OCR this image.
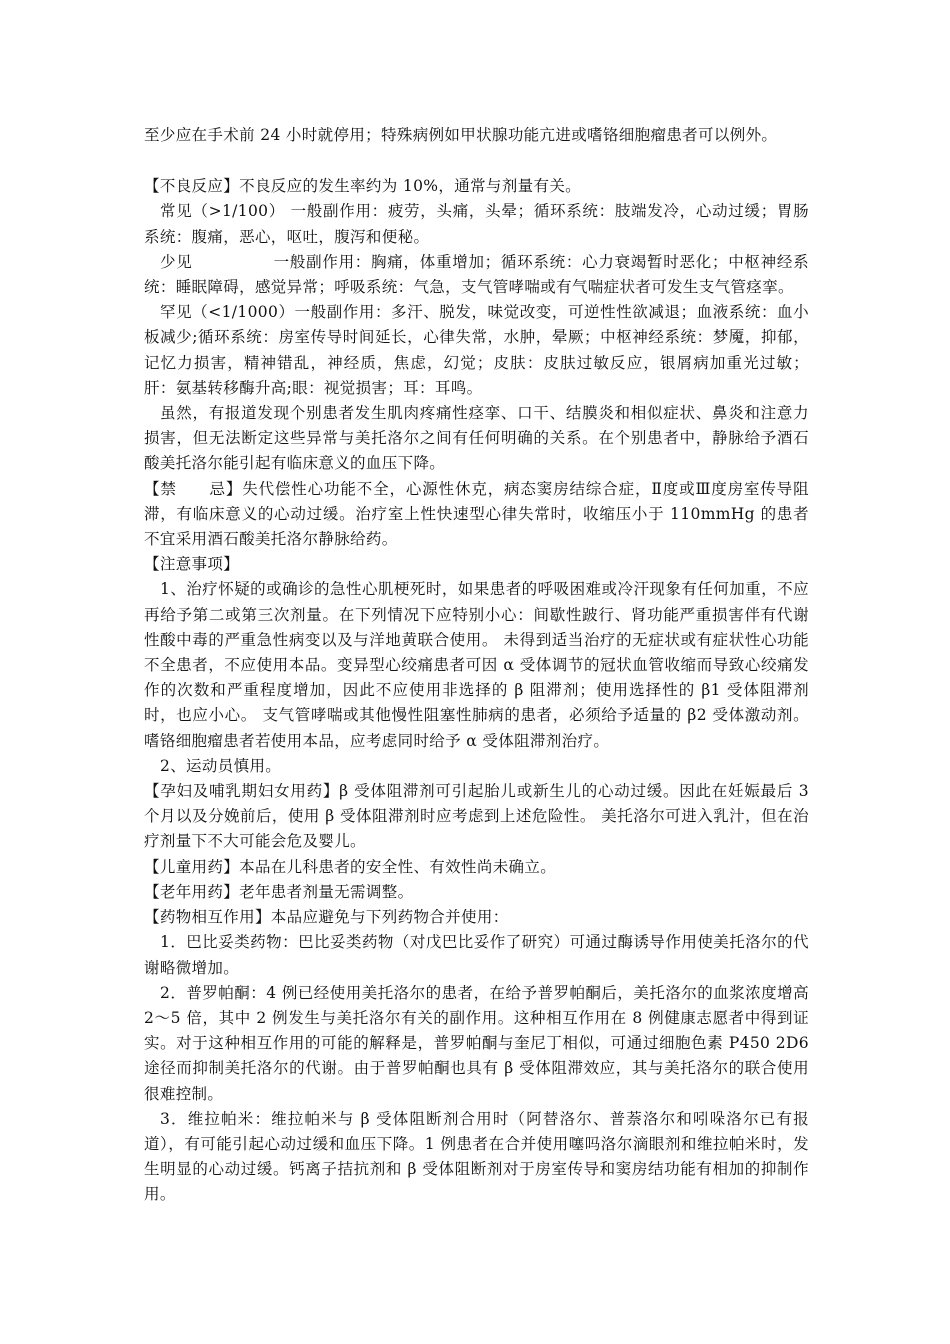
至少应在手术前 24 小时就停用；特殊病例如甲状腺功能亢进或嗜铬细胞瘤患者可以例外。

【不良反应】不良反应的发生率约为 10%，通常与剂量有关。

常见（>1/100） 一般副作用：疲劳，头痛，头晕；循环系统：肢端发冷，心动过缓；胃肠系统：腹痛，恶心，呕吐，腹泻和便秘。

少见　　　　　一般副作用：胸痛，体重增加；循环系统：心力衰竭暂时恶化；中枢神经系统：睡眠障碍，感觉异常；呼吸系统：气急，支气管哮喘或有气喘症状者可发生支气管痉挛。

罕见（<1/1000）一般副作用：多汗、脱发，味觉改变，可逆性性欲减退；血液系统：血小板减少;循环系统：房室传导时间延长，心律失常，水肿，晕厥；中枢神经系统：梦魇，抑郁，记忆力损害，精神错乱，神经质，焦虑，幻觉；皮肤：皮肤过敏反应，银屑病加重光过敏；肝：氨基转移酶升高;眼：视觉损害；耳：耳鸣。

虽然，有报道发现个别患者发生肌肉疼痛性痉挛、口干、结膜炎和相似症状、鼻炎和注意力损害，但无法断定这些异常与美托洛尔之间有任何明确的关系。在个别患者中，静脉给予酒石酸美托洛尔能引起有临床意义的血压下降。

【禁　　忌】失代偿性心功能不全，心源性休克，病态窦房结综合症，Ⅱ度或Ⅲ度房室传导阻滞，有临床意义的心动过缓。治疗室上性快速型心律失常时，收缩压小于 110mmHg 的患者不宜采用酒石酸美托洛尔静脉给药。

【注意事项】

1、治疗怀疑的或确诊的急性心肌梗死时，如果患者的呼吸困难或冷汗现象有任何加重，不应再给予第二或第三次剂量。在下列情况下应特别小心：间歇性跛行、肾功能严重损害伴有代谢性酸中毒的严重急性病变以及与洋地黄联合使用。 未得到适当治疗的无症状或有症状性心功能不全患者，不应使用本品。变异型心绞痛患者可因 α 受体调节的冠状血管收缩而导致心绞痛发作的次数和严重程度增加，因此不应使用非选择的 β 阻滞剂；使用选择性的 β1 受体阻滞剂时，也应小心。 支气管哮喘或其他慢性阻塞性肺病的患者，必须给予适量的 β2 受体激动剂。 嗜铬细胞瘤患者若使用本品，应考虑同时给予 α 受体阻滞剂治疗。

2、运动员慎用。

【孕妇及哺乳期妇女用药】β 受体阻滞剂可引起胎儿或新生儿的心动过缓。因此在妊娠最后 3 个月以及分娩前后，使用 β 受体阻滞剂时应考虑到上述危险性。 美托洛尔可进入乳汁，但在治疗剂量下不大可能会危及婴儿。

【儿童用药】本品在儿科患者的安全性、有效性尚未确立。

【老年用药】老年患者剂量无需调整。

【药物相互作用】本品应避免与下列药物合并使用：

1．巴比妥类药物：巴比妥类药物（对戊巴比妥作了研究）可通过酶诱导作用使美托洛尔的代谢略微增加。

2．普罗帕酮：4 例已经使用美托洛尔的患者，在给予普罗帕酮后，美托洛尔的血浆浓度增高 2～5 倍，其中 2 例发生与美托洛尔有关的副作用。这种相互作用在 8 例健康志愿者中得到证实。对于这种相互作用的可能的解释是，普罗帕酮与奎尼丁相似，可通过细胞色素 P450 2D6 途径而抑制美托洛尔的代谢。由于普罗帕酮也具有 β 受体阻滞效应，其与美托洛尔的联合使用很难控制。

3．维拉帕米：维拉帕米与 β 受体阻断剂合用时（阿替洛尔、普萘洛尔和吲哚洛尔已有报道），有可能引起心动过缓和血压下降。1 例患者在合并使用噻吗洛尔滴眼剂和维拉帕米时，发生明显的心动过缓。钙离子拮抗剂和 β 受体阻断剂对于房室传导和窦房结功能有相加的抑制作用。
